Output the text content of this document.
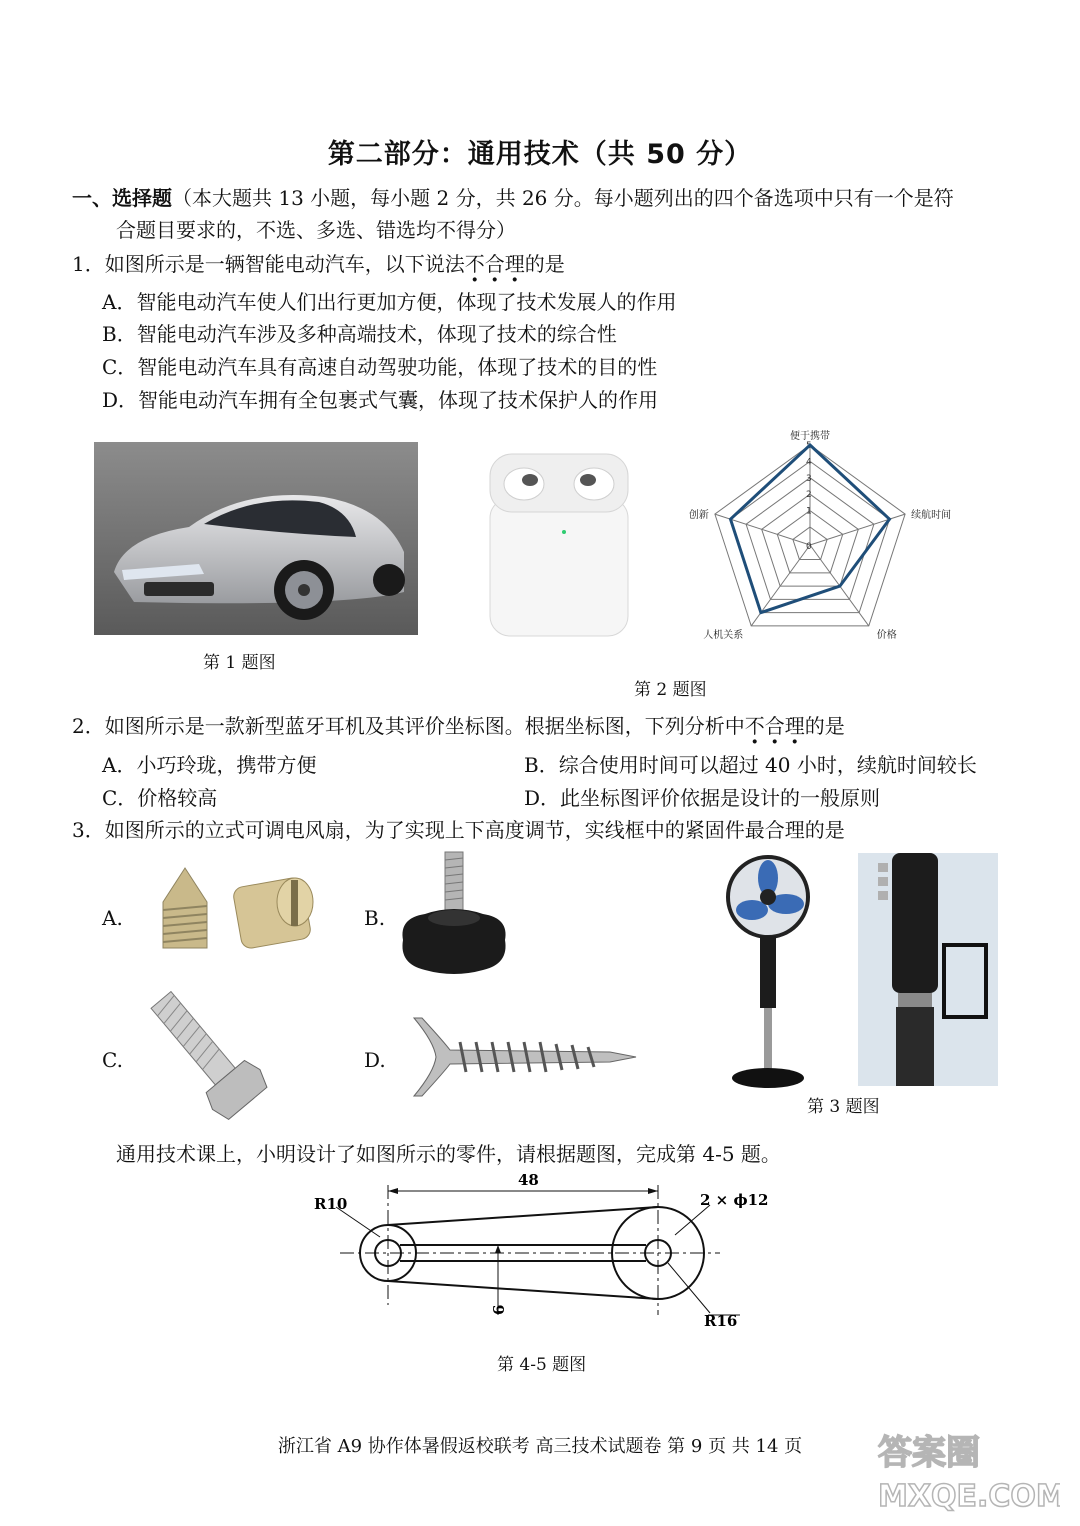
第二部分：通用技术（共 50 分）
一、选择题（本大题共 13 小题，每小题 2 分，共 26 分。每小题列出的四个备选项中只有一个是符
合题目要求的，不选、多选、错选均不得分）
1．如图所示是一辆智能电动汽车，以下说法不合理的是
A．智能电动汽车使人们出行更加方便，体现了技术发展人的作用
B．智能电动汽车涉及多种高端技术，体现了技术的综合性
C．智能电动汽车具有高速自动驾驶功能，体现了技术的目的性
D．智能电动汽车拥有全包裹式气囊，体现了技术保护人的作用
第 1 题图
0
1
2
3
4
5
便于携带
续航时间
价格
人机关系
创新
第 2 题图
2．如图所示是一款新型蓝牙耳机及其评价坐标图。根据坐标图，下列分析中不合理的是
A．小巧玲珑，携带方便	B．综合使用时间可以超过 40 小时，续航时间较长
C．价格较高	D．此坐标图评价依据是设计的一般原则
3．如图所示的立式可调电风扇，为了实现上下高度调节，实线框中的紧固件最合理的是
A.	B.
C.	D.
第 3 题图
通用技术课上，小明设计了如图所示的零件，请根据题图，完成第 4-5 题。
48
2 × ϕ12
R10
R16
6
第 4-5 题图
浙江省 A9 协作体暑假返校联考 高三技术试题卷 第 9 页 共 14 页	答案圈
MXQE.COM
